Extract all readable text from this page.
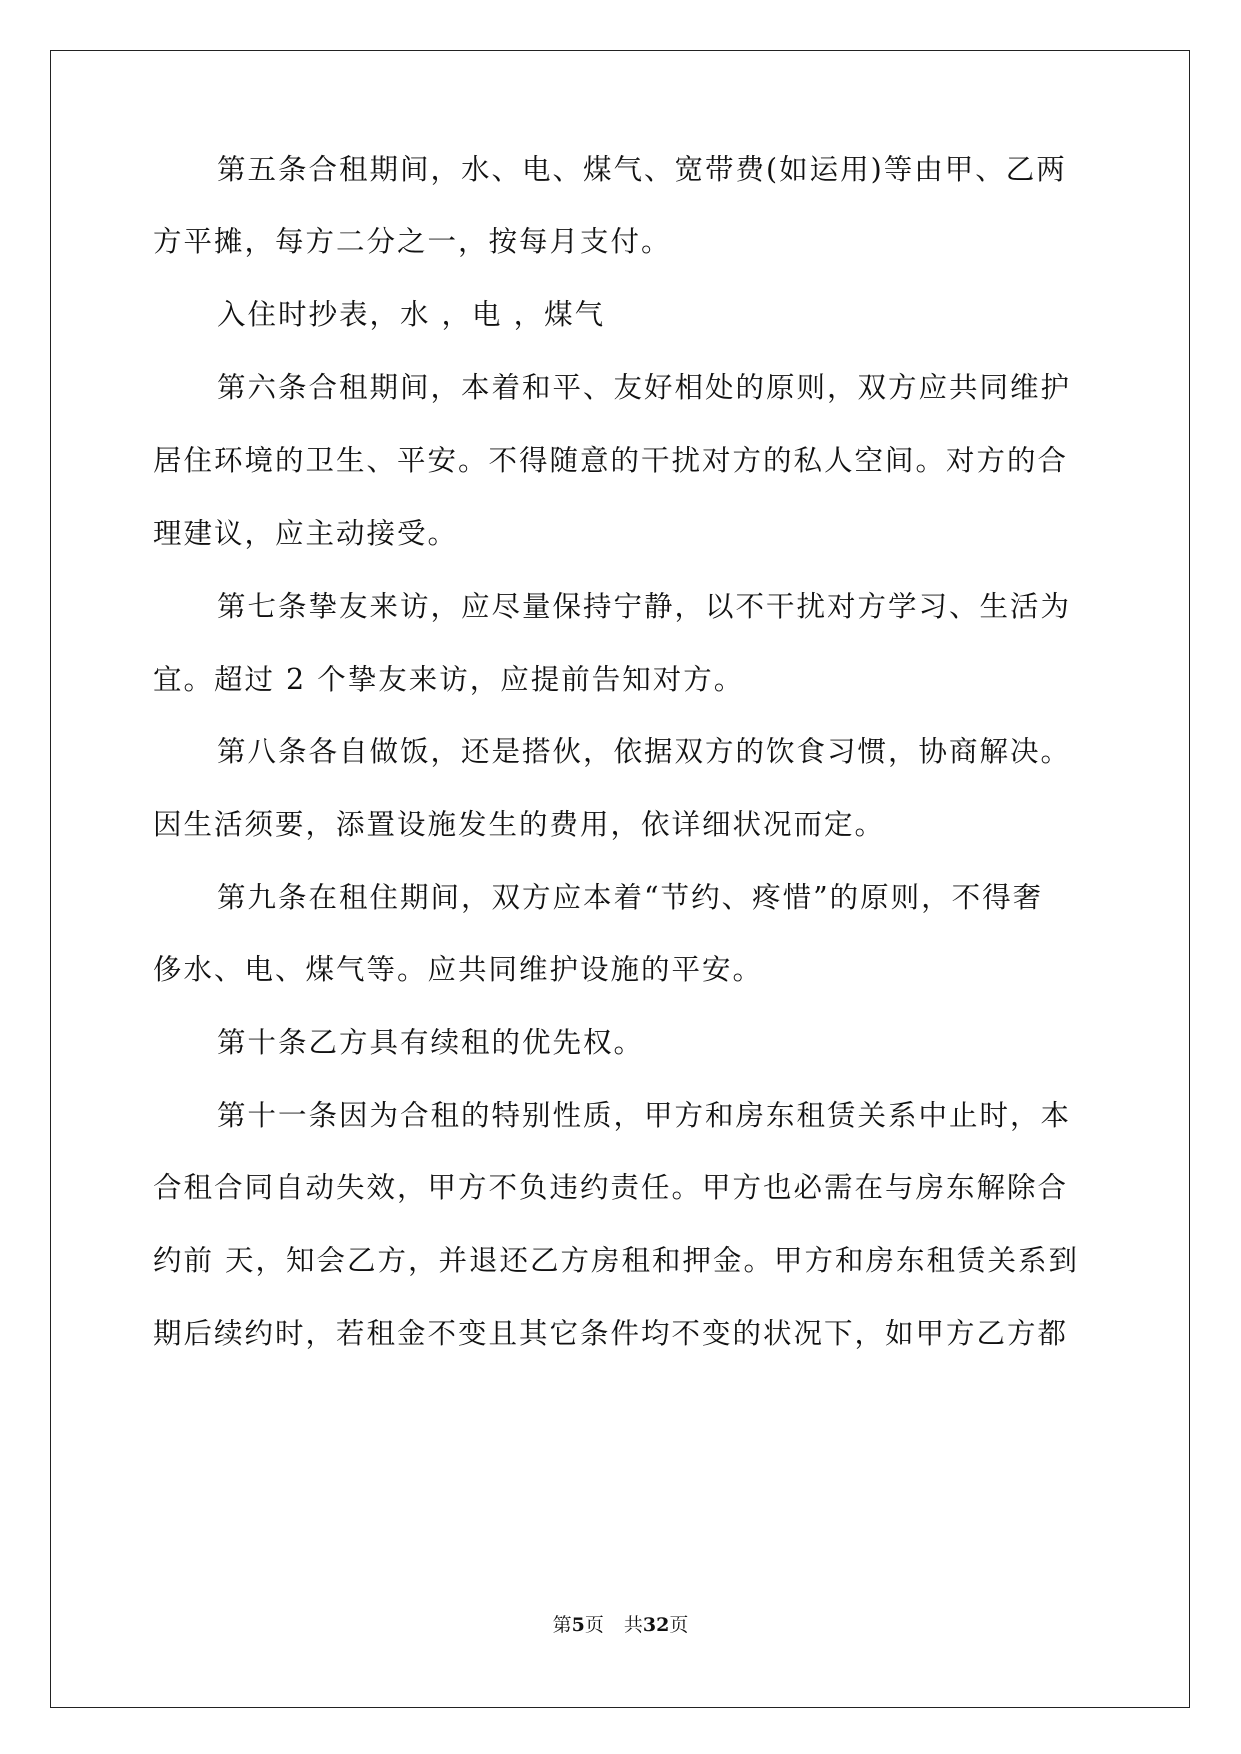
第五条合租期间，水、电、煤气、宽带费(如运用)等由甲、乙两
方平摊，每方二分之一，按每月支付。
入住时抄表，水 ，电 ，煤气
第六条合租期间，本着和平、友好相处的原则，双方应共同维护
居住环境的卫生、平安。不得随意的干扰对方的私人空间。对方的合
理建议，应主动接受。
第七条挚友来访，应尽量保持宁静，以不干扰对方学习、生活为
宜。超过 2 个挚友来访，应提前告知对方。
第八条各自做饭，还是搭伙，依据双方的饮食习惯，协商解决。
因生活须要，添置设施发生的费用，依详细状况而定。
第九条在租住期间，双方应本着“节约、疼惜”的原则，不得奢
侈水、电、煤气等。应共同维护设施的平安。
第十条乙方具有续租的优先权。
第十一条因为合租的特别性质，甲方和房东租赁关系中止时，本
合租合同自动失效，甲方不负违约责任。甲方也必需在与房东解除合
约前 天，知会乙方，并退还乙方房租和押金。甲方和房东租赁关系到
期后续约时，若租金不变且其它条件均不变的状况下，如甲方乙方都
第5页 共32页
